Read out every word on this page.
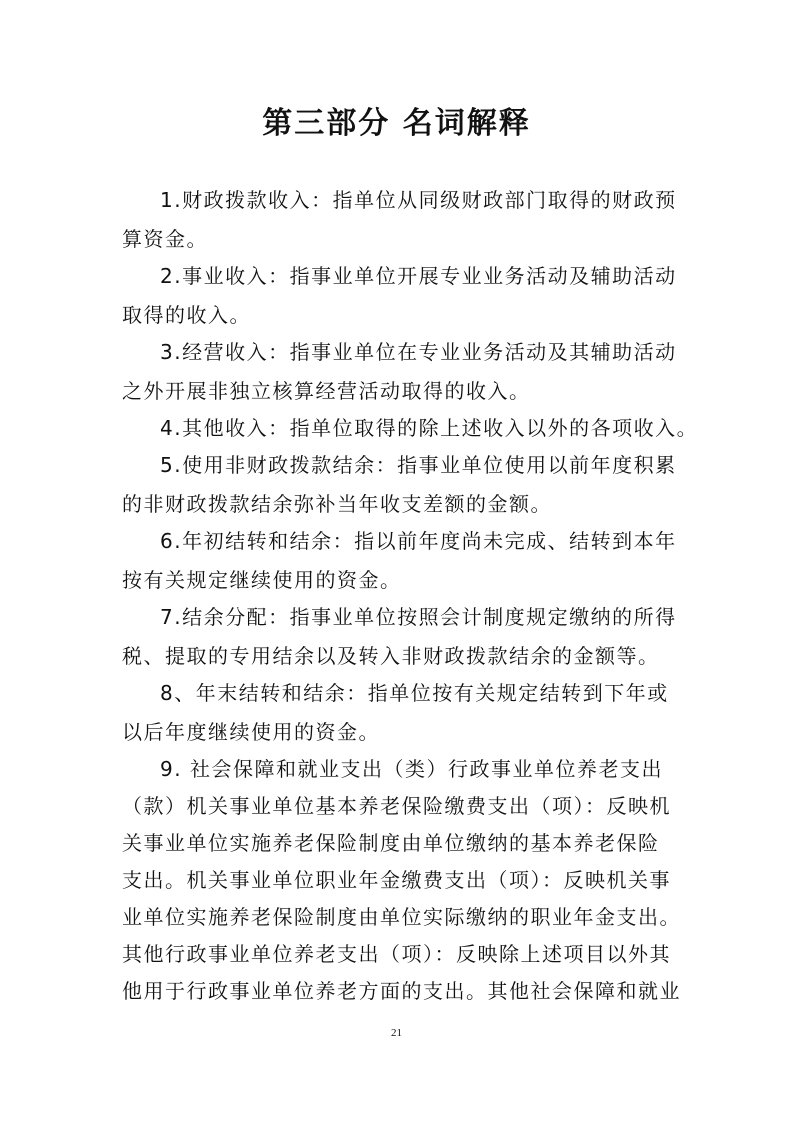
第三部分 名词解释
1.财政拨款收入：指单位从同级财政部门取得的财政预
算资金。
2.事业收入：指事业单位开展专业业务活动及辅助活动
取得的收入。
3.经营收入：指事业单位在专业业务活动及其辅助活动
之外开展非独立核算经营活动取得的收入。
4.其他收入：指单位取得的除上述收入以外的各项收入。
5.使用非财政拨款结余：指事业单位使用以前年度积累
的非财政拨款结余弥补当年收支差额的金额。
6.年初结转和结余：指以前年度尚未完成、结转到本年
按有关规定继续使用的资金。
7.结余分配：指事业单位按照会计制度规定缴纳的所得
税、提取的专用结余以及转入非财政拨款结余的金额等。
8、年末结转和结余：指单位按有关规定结转到下年或
以后年度继续使用的资金。
9. 社会保障和就业支出（类）行政事业单位养老支出
（款）机关事业单位基本养老保险缴费支出（项）：反映机
关事业单位实施养老保险制度由单位缴纳的基本养老保险
支出。机关事业单位职业年金缴费支出（项）：反映机关事
业单位实施养老保险制度由单位实际缴纳的职业年金支出。
其他行政事业单位养老支出（项）：反映除上述项目以外其
他用于行政事业单位养老方面的支出。其他社会保障和就业
21
